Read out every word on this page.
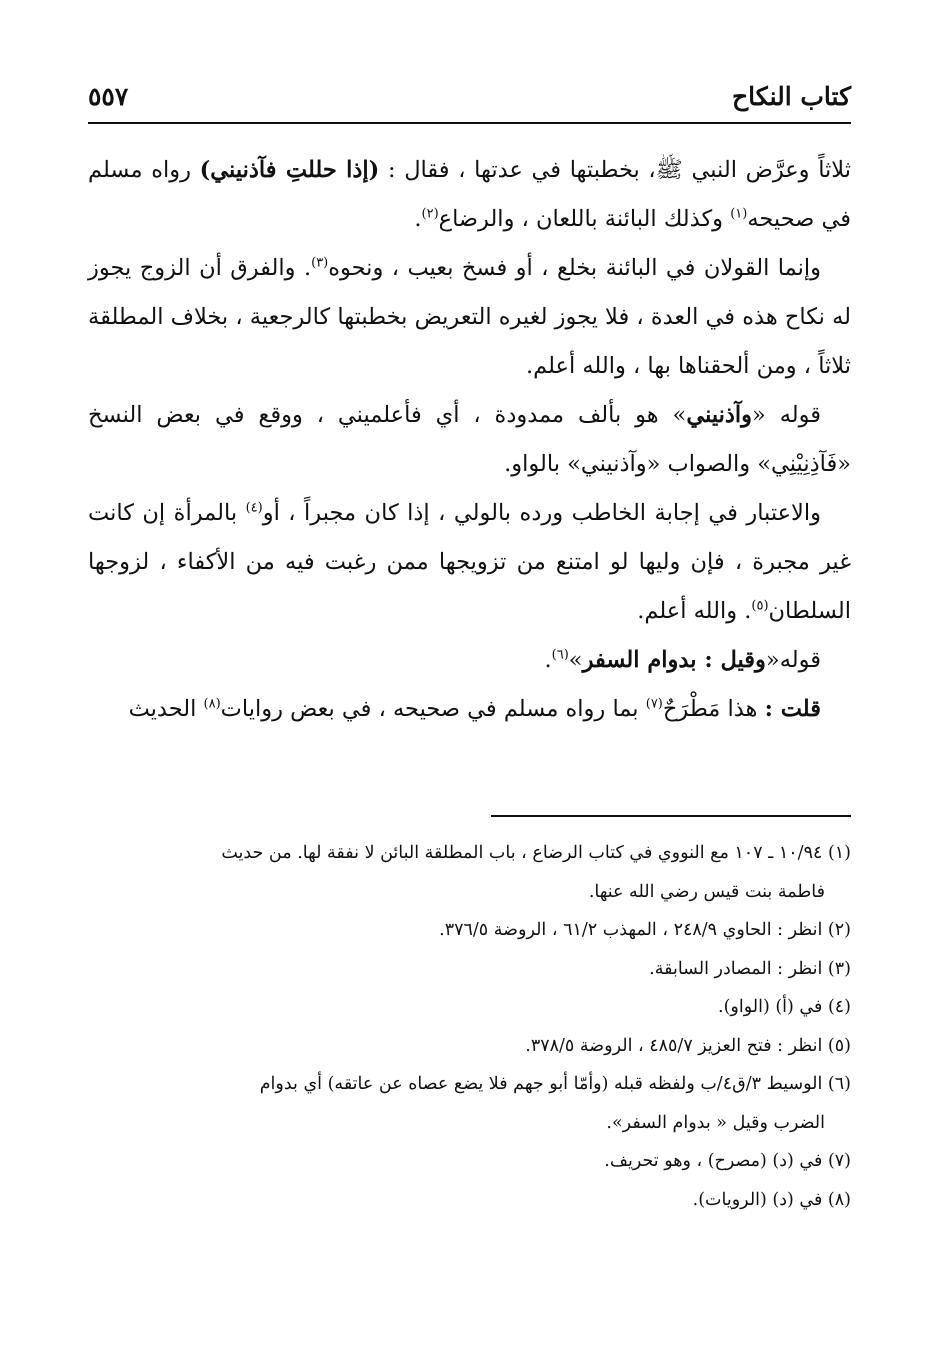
كتاب النكاح
٥٥٧

ثلاثاً وعرَّض النبي ﷺ، بخطبتها في عدتها ، فقال : (إذا حللتِ فآذنيني) رواه مسلم في صحيحه$^{(١)}$ وكذلك البائنة باللعان ، والرضاع$^{(٢)}$.

وإنما القولان في البائنة بخلع ، أو فسخ بعيب ، ونحوه$^{(٣)}$. والفرق أن الزوج يجوز له نكاح هذه في العدة ، فلا يجوز لغيره التعريض بخطبتها كالرجعية ، بخلاف المطلقة ثلاثاً ، ومن ألحقناها بها ، والله أعلم.

قوله «وآذنيني» هو بألف ممدودة ، أي فأعلميني ، ووقع في بعض النسخ «فَآذِنِيْنِي» والصواب «وآذنيني» بالواو.

والاعتبار في إجابة الخاطب ورده بالولي ، إذا كان مجبراً ، أو$^{(٤)}$ بالمرأة إن كانت غير مجبرة ، فإن وليها لو امتنع من تزويجها ممن رغبت فيه من الأكفاء ، لزوجها السلطان$^{(٥)}$. والله أعلم.

قوله«وقيل : بدوام السفر»$^{(٦)}$.

قلت : هذا مَطْرَحٌ$^{(٧)}$ بما رواه مسلم في صحيحه ، في بعض روايات$^{(٨)}$ الحديث

(١) ١٠/٩٤ ـ ١٠٧ مع النووي في كتاب الرضاع ، باب المطلقة البائن لا نفقة لها. من حديث

فاطمة بنت قيس رضي الله عنها.

(٢) انظر : الحاوي ٢٤٨/٩ ، المهذب ٦١/٢ ، الروضة ٣٧٦/٥.

(٣) انظر : المصادر السابقة.

(٤) في (أ) (الواو).

(٥) انظر : فتح العزيز ٤٨٥/٧ ، الروضة ٣٧٨/٥.

(٦) الوسيط ٣/ق٤/ب ولفظه قبله (وأمّا أبو جهم فلا يضع عصاه عن عاتقه) أي بدوام

الضرب وقيل « بدوام السفر».

(٧) في (د) (مصرح) ، وهو تحريف.

(٨) في (د) (الرويات).
